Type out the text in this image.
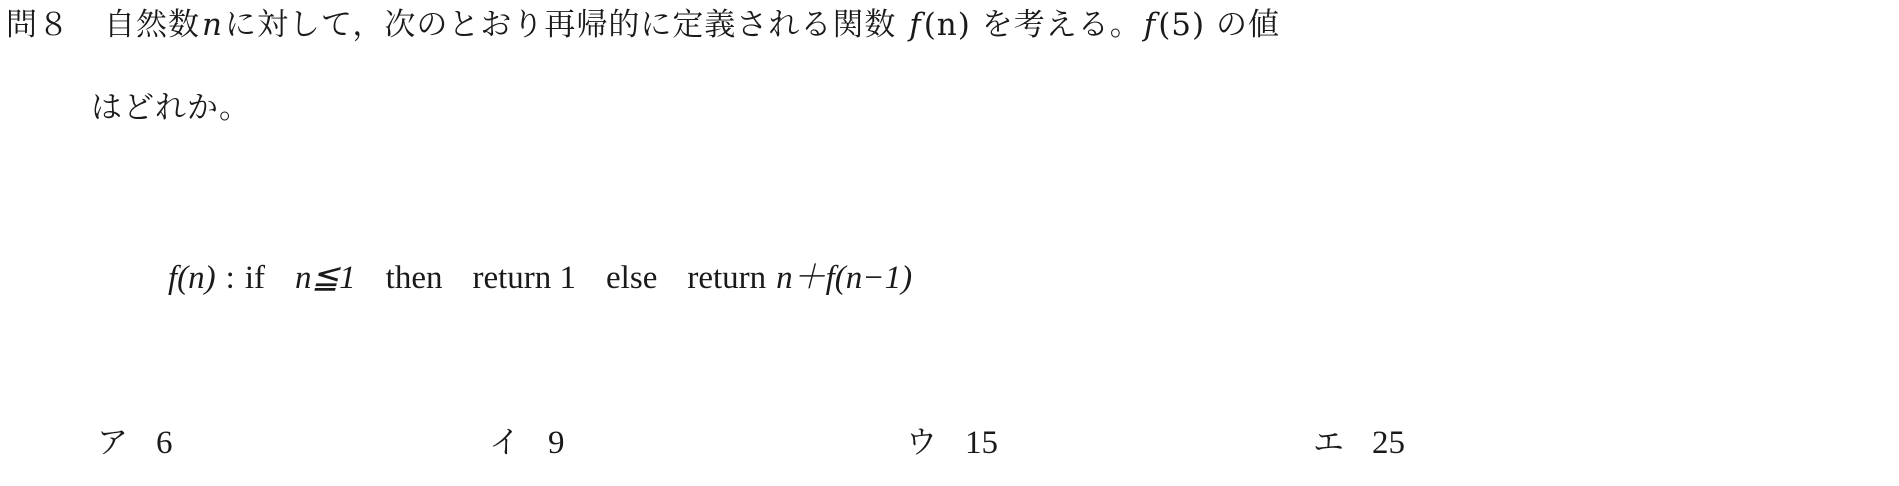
問８ 自然数nに対して，次のとおり再帰的に定義される関数 f(n) を考える。f(5) の値
はどれか。
f(n) : if n≦1 then return 1 else return n＋f(n−1)
ア 6	イ 9	ウ 15	エ 25
